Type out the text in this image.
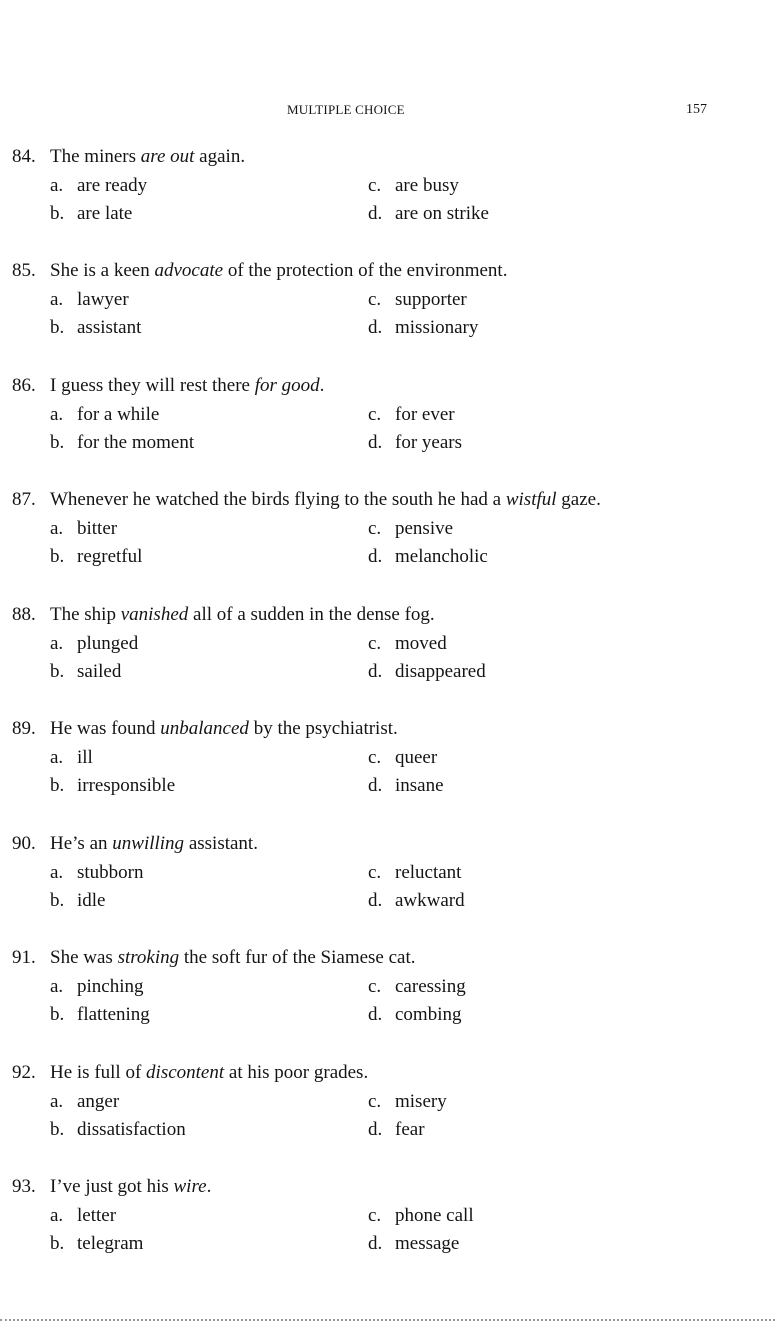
MULTIPLE CHOICE	157
84. The miners are out again.
a. are ready
b. are late
c. are busy
d. are on strike
85. She is a keen advocate of the protection of the environment.
a. lawyer
b. assistant
c. supporter
d. missionary
86. I guess they will rest there for good.
a. for a while
b. for the moment
c. for ever
d. for years
87. Whenever he watched the birds flying to the south he had a wistful gaze.
a. bitter
b. regretful
c. pensive
d. melancholic
88. The ship vanished all of a sudden in the dense fog.
a. plunged
b. sailed
c. moved
d. disappeared
89. He was found unbalanced by the psychiatrist.
a. ill
b. irresponsible
c. queer
d. insane
90. He’s an unwilling assistant.
a. stubborn
b. idle
c. reluctant
d. awkward
91. She was stroking the soft fur of the Siamese cat.
a. pinching
b. flattening
c. caressing
d. combing
92. He is full of discontent at his poor grades.
a. anger
b. dissatisfaction
c. misery
d. fear
93. I’ve just got his wire.
a. letter
b. telegram
c. phone call
d. message
